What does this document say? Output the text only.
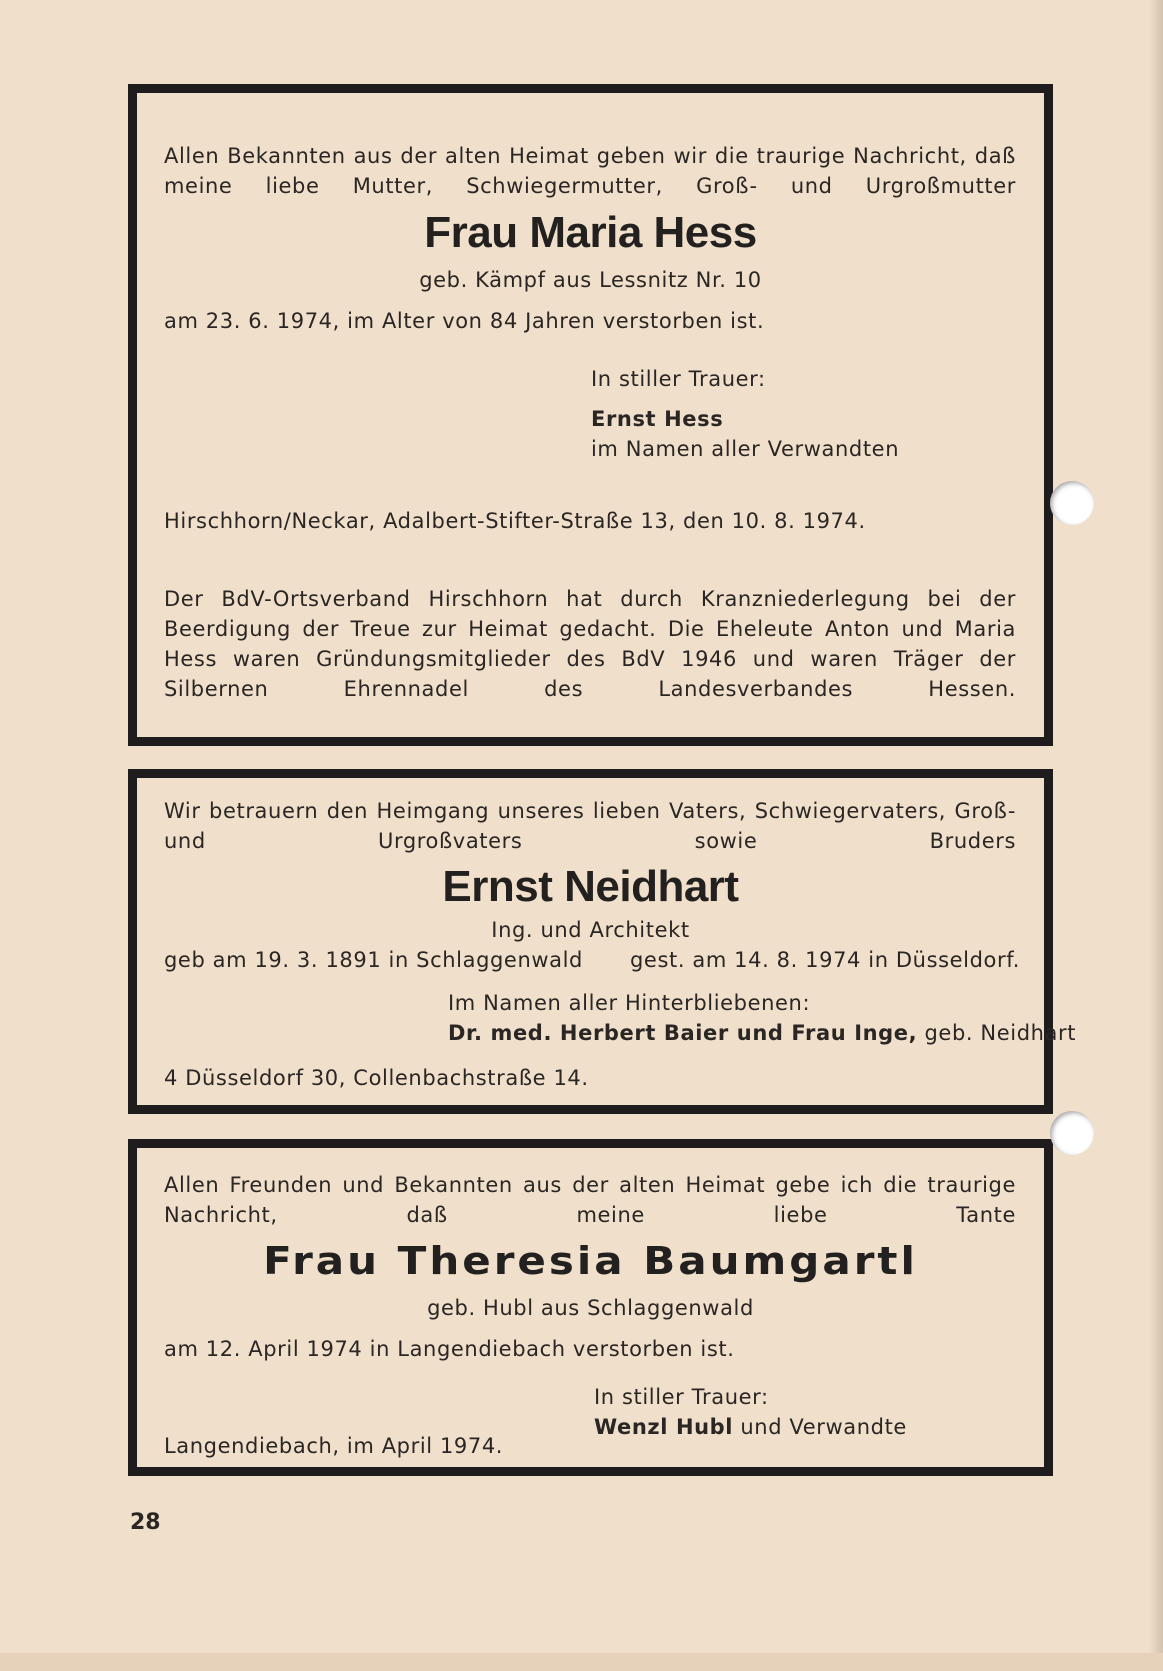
Allen Bekannten aus der alten Heimat geben wir die traurige Nachricht, daß meine liebe Mutter, Schwiegermutter, Groß- und Urgroßmutter

Frau Maria Hess

geb. Kämpf aus Lessnitz Nr. 10

am 23. 6. 1974, im Alter von 84 Jahren verstorben ist.

In stiller Trauer:

Ernst Hess

im Namen aller Verwandten

Hirschhorn/Neckar, Adalbert-Stifter-Straße 13, den 10. 8. 1974.

Der BdV-Ortsverband Hirschhorn hat durch Kranzniederlegung bei der Beerdigung der Treue zur Heimat gedacht. Die Eheleute Anton und Maria Hess waren Gründungsmitglieder des BdV 1946 und waren Träger der Silbernen Ehrennadel des Landesverbandes Hessen.

Wir betrauern den Heimgang unseres lieben Vaters, Schwiegervaters, Groß- und Urgroßvaters sowie Bruders

Ernst Neidhart

Ing. und Architekt

geb am 19. 3. 1891 in Schlaggenwald gest. am 14. 8. 1974 in Düsseldorf.

Im Namen aller Hinterbliebenen:

Dr. med. Herbert Baier und Frau Inge, geb. Neidhart

4 Düsseldorf 30, Collenbachstraße 14.

Allen Freunden und Bekannten aus der alten Heimat gebe ich die traurige Nachricht, daß meine liebe Tante

Frau Theresia Baumgartl

geb. Hubl aus Schlaggenwald

am 12. April 1974 in Langendiebach verstorben ist.

In stiller Trauer:

Wenzl Hubl und Verwandte

Langendiebach, im April 1974.

28
